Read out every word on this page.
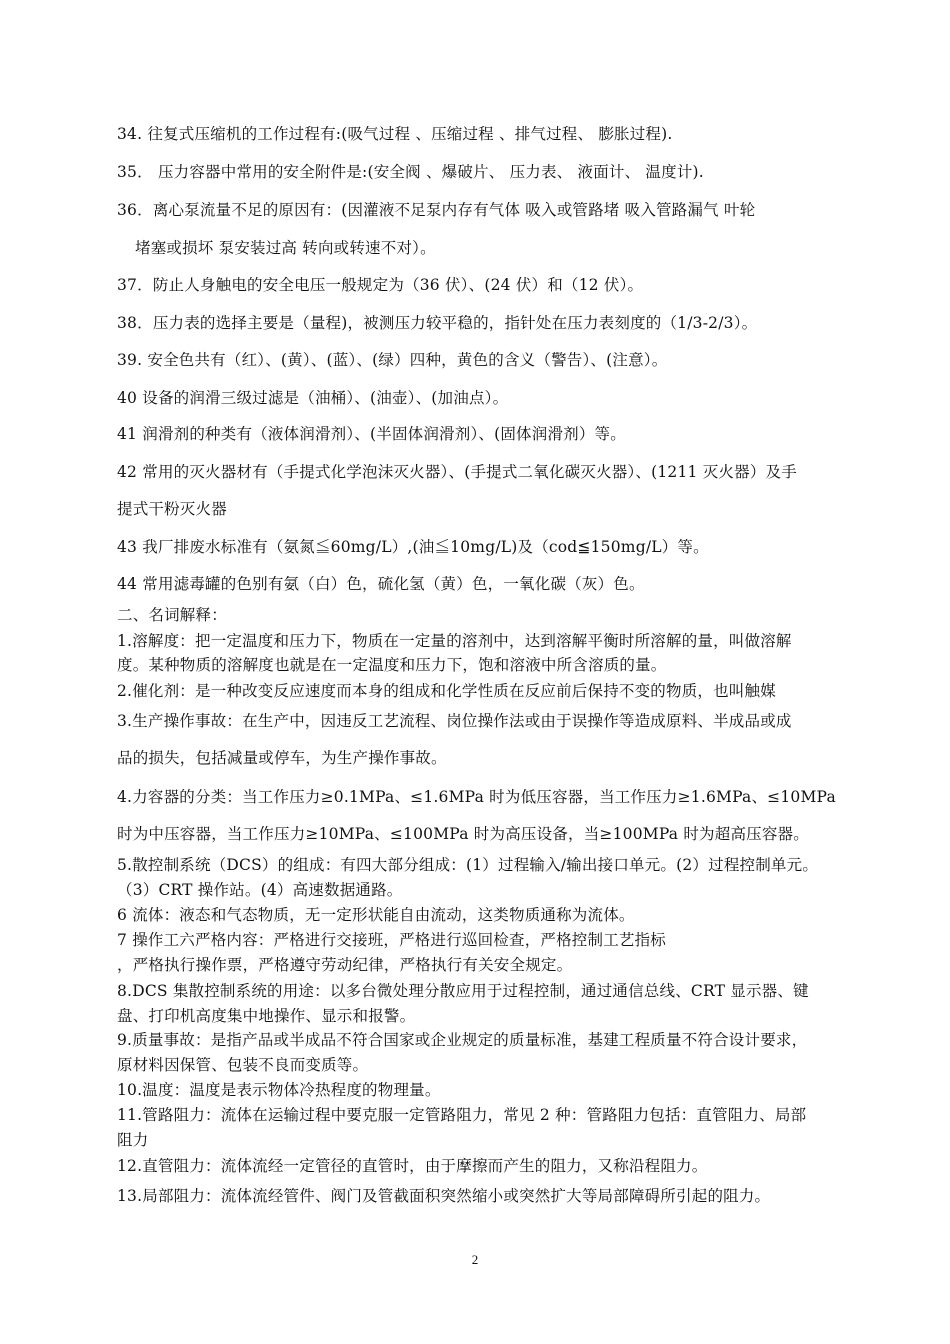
34. 往复式压缩机的工作过程有:(吸气过程 、压缩过程 、排气过程、 膨胀过程).
35． 压力容器中常用的安全附件是:(安全阀 、爆破片、 压力表、 液面计、 温度计).
36．离心泵流量不足的原因有：(因灌液不足泵内存有气体 吸入或管路堵 吸入管路漏气 叶轮
堵塞或损坏 泵安装过高 转向或转速不对）。
37．防止人身触电的安全电压一般规定为（36 伏）、(24 伏）和（12 伏）。
38．压力表的选择主要是（量程)，被测压力较平稳的，指针处在压力表刻度的（1/3-2/3）。
39. 安全色共有（红）、(黄）、(蓝）、(绿）四种，黄色的含义（警告）、(注意）。
40 设备的润滑三级过滤是（油桶）、(油壶）、(加油点）。
41 润滑剂的种类有（液体润滑剂）、(半固体润滑剂）、(固体润滑剂）等。
42 常用的灭火器材有（手提式化学泡沫灭火器）、(手提式二氧化碳灭火器）、(1211 灭火器）及手
提式干粉灭火器
43 我厂排废水标准有（氨氮≦60mg/L）,(油≦10mg/L)及（cod≦150mg/L）等。
44 常用滤毒罐的色别有氨（白）色，硫化氢（黄）色，一氧化碳（灰）色。
二、名词解释：
1.溶解度：把一定温度和压力下，物质在一定量的溶剂中，达到溶解平衡时所溶解的量，叫做溶解
度。某种物质的溶解度也就是在一定温度和压力下，饱和溶液中所含溶质的量。
2.催化剂：是一种改变反应速度而本身的组成和化学性质在反应前后保持不变的物质，也叫触媒
3.生产操作事故：在生产中，因违反工艺流程、岗位操作法或由于误操作等造成原料、半成品或成
品的损失，包括减量或停车，为生产操作事故。
4.力容器的分类：当工作压力≥0.1MPa、≤1.6MPa 时为低压容器，当工作压力≥1.6MPa、≤10MPa
时为中压容器，当工作压力≥10MPa、≤100MPa 时为高压设备，当≥100MPa 时为超高压容器。
5.散控制系统（DCS）的组成：有四大部分组成：(1）过程输入/输出接口单元。(2）过程控制单元。
（3）CRT 操作站。(4）高速数据通路。
6 流体：液态和气态物质，无一定形状能自由流动，这类物质通称为流体。
7 操作工六严格内容：严格进行交接班，严格进行巡回检查，严格控制工艺指标
，严格执行操作票，严格遵守劳动纪律，严格执行有关安全规定。
8.DCS 集散控制系统的用途：以多台微处理分散应用于过程控制，通过通信总线、CRT 显示器、键
盘、打印机高度集中地操作、显示和报警。
9.质量事故：是指产品或半成品不符合国家或企业规定的质量标准，基建工程质量不符合设计要求，
原材料因保管、包装不良而变质等。
10.温度：温度是表示物体冷热程度的物理量。
11.管路阻力：流体在运输过程中要克服一定管路阻力，常见 2 种：管路阻力包括：直管阻力、局部
阻力
12.直管阻力：流体流经一定管径的直管时，由于摩擦而产生的阻力，又称沿程阻力。
13.局部阻力：流体流经管件、阀门及管截面积突然缩小或突然扩大等局部障碍所引起的阻力。
2
